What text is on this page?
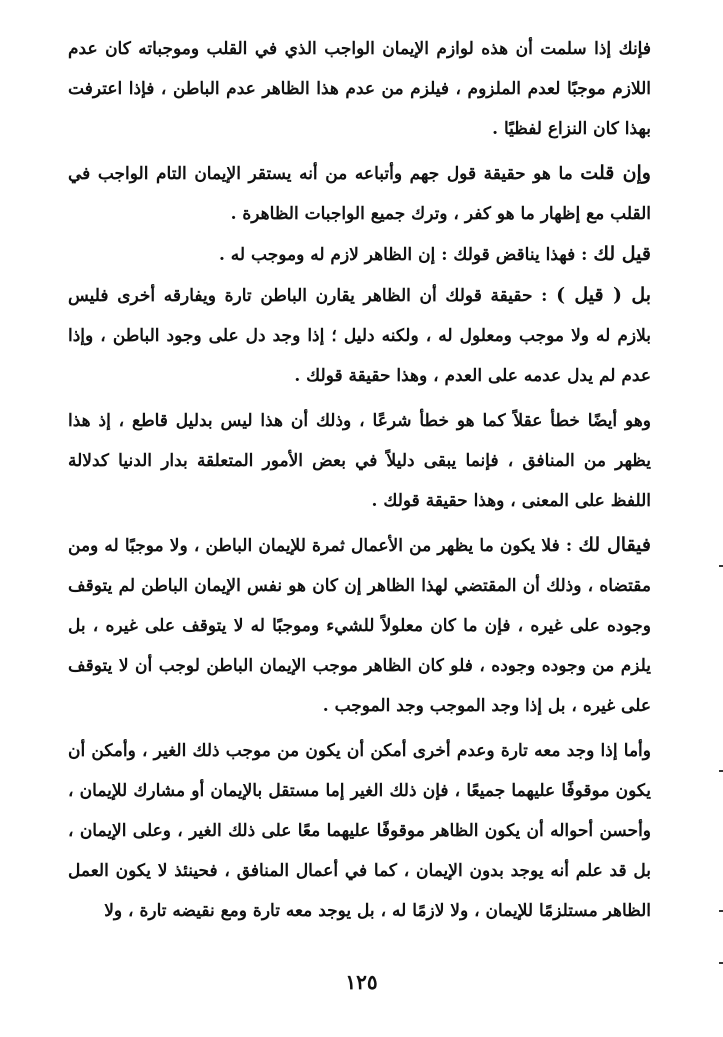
فإنك إذا سلمت أن هذه لوازم الإيمان الواجب الذي في القلب وموجباته كان عدم اللازم موجبًا لعدم الملزوم ، فيلزم من عدم هذا الظاهر عدم الباطن ، فإذا اعترفت بهذا كان النزاع لفظيًا .

وإن قلت ما هو حقيقة قول جهم وأتباعه من أنه يستقر الإيمان التام الواجب في القلب مع إظهار ما هو كفر ، وترك جميع الواجبات الظاهرة .

قيل لك : فهذا يناقض قولك : إن الظاهر لازم له وموجب له .

بل ( قيل ) : حقيقة قولك أن الظاهر يقارن الباطن تارة ويفارقه أخرى فليس بلازم له ولا موجب ومعلول له ، ولكنه دليل ؛ إذا وجد دل على وجود الباطن ، وإذا عدم لم يدل عدمه على العدم ، وهذا حقيقة قولك .

وهو أيضًا خطأ عقلاً كما هو خطأ شرعًا ، وذلك أن هذا ليس بدليل قاطع ، إذ هذا يظهر من المنافق ، فإنما يبقى دليلاً في بعض الأمور المتعلقة بدار الدنيا كدلالة اللفظ على المعنى ، وهذا حقيقة قولك .

فيقال لك : فلا يكون ما يظهر من الأعمال ثمرة للإيمان الباطن ، ولا موجبًا له ومن مقتضاه ، وذلك أن المقتضي لهذا الظاهر إن كان هو نفس الإيمان الباطن لم يتوقف وجوده على غيره ، فإن ما كان معلولاً للشيء وموجبًا له لا يتوقف على غيره ، بل يلزم من وجوده وجوده ، فلو كان الظاهر موجب الإيمان الباطن لوجب أن لا يتوقف على غيره ، بل إذا وجد الموجب وجد الموجب .

وأما إذا وجد معه تارة وعدم أخرى أمكن أن يكون من موجب ذلك الغير ، وأمكن أن يكون موقوفًا عليهما جميعًا ، فإن ذلك الغير إما مستقل بالإيمان أو مشارك للإيمان ، وأحسن أحواله أن يكون الظاهر موقوفًا عليهما معًا على ذلك الغير ، وعلى الإيمان ، بل قد علم أنه يوجد بدون الإيمان ، كما في أعمال المنافق ، فحينئذ لا يكون العمل الظاهر مستلزمًا للإيمان ، ولا لازمًا له ، بل يوجد معه تارة ومع نقيضه تارة ، ولا

١٢٥
